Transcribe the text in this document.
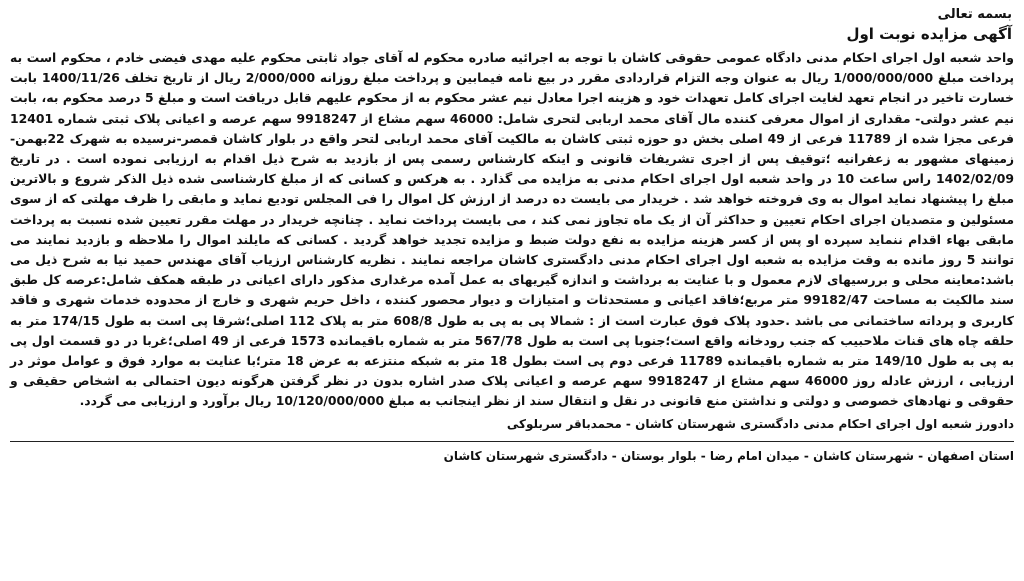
بسمه تعالی
آگهی مزایده نوبت اول
واحد شعبه اول اجرای احکام مدنی دادگاه عمومی حقوقی کاشان با توجه به اجرائیه صادره محکوم له آقای جواد ثابتی محکوم علیه مهدی فیضی خادم ، محکوم است به پرداخت مبلغ 1/000/000/000 ریال به عنوان وجه التزام قراردادی مقرر در بیع نامه فیمابین و پرداخت مبلغ روزانه 2/000/000 ریال از تاریخ تخلف 1400/11/26 بابت خسارت تاخیر در انجام تعهد لغایت اجرای کامل تعهدات خود و هزینه اجرا معادل نیم عشر محکوم به از محکوم علیهم قابل دریافت است و مبلغ 5 درصد محکوم به، بابت نیم عشر دولتی- مقداری از اموال معرفی کننده مال آقای محمد اربابی لتحری شامل: 46000 سهم مشاع از 9918247 سهم عرصه و اعیانی پلاک ثبتی شماره 12401 فرعی مجزا شده از 11789 فرعی از 49 اصلی بخش دو حوزه ثبتی کاشان به مالکیت آقای محمد اربابی لتحر واقع در بلوار کاشان قمصر-نرسیده به شهرک 22بهمن- زمینهای مشهور به زعفرانیه ؛توقیف پس از اجری تشریفات قانونی و اینکه کارشناس رسمی پس از بازدید به شرح ذیل اقدام به ارزیابی نموده است . در تاریخ 1402/02/09 راس ساعت 10 در واحد شعبه اول اجرای احکام مدنی به مزایده می گذارد . به هرکس و کسانی که از مبلغ کارشناسی شده ذیل الذکر شروع و بالاترین مبلغ را پیشنهاد نماید اموال به وی فروخته خواهد شد . خریدار می بایست ده درصد از ارزش کل اموال را فی المجلس تودیع نماید و مابقی را ظرف مهلتی که از سوی مسئولین و متصدیان اجرای احکام تعیین و حداکثر آن از یک ماه تجاوز نمی کند ، می بایست پرداخت نماید . چنانچه خریدار در مهلت مقرر تعیین شده نسبت به پرداخت مابقی بهاء اقدام ننماید سپرده او پس از کسر هزینه مزایده به نفع دولت ضبط و مزایده تجدید خواهد گردید . کسانی که مایلند اموال را ملاحظه و بازدید نمایند می توانند 5 روز مانده به وقت مزایده به شعبه اول اجرای احکام مدنی دادگستری کاشان مراجعه نمایند . نظریه کارشناس ارزیاب آقای مهندس حمید نیا به شرح ذیل می باشد:معاینه محلی و بررسیهای لازم معمول و با عنایت به برداشت و اندازه گیریهای به عمل آمده مرغداری مذکور دارای اعیانی در طبقه همکف شامل:عرصه کل طبق سند مالکیت به مساحت 99182/47 متر مربع؛فاقد اعیانی و مستحدثات و امتیازات و دیوار محصور کننده ، داخل حریم شهری و خارج از محدوده خدمات شهری و فاقد کاربری و پرداته ساختمانی می باشد .حدود پلاک فوق عبارت است از : شمالا پی به پی به طول 608/8 متر به پلاک 112 اصلی؛شرقا پی است به طول 174/15 متر به حلقه چاه های قنات ملاحبیب که جنب رودخانه واقع است؛جنوبا پی است به طول 567/78 متر به شماره باقیمانده 1573 فرعی از 49 اصلی؛غربا در دو قسمت اول پی به پی به طول 149/10 متر به شماره باقیمانده 11789 فرعی دوم پی است بطول 18 متر به شبکه منتزعه به عرض 18 متر؛با عنایت به موارد فوق و عوامل موثر در ارزیابی ، ارزش عادله روز 46000 سهم مشاع از 9918247 سهم عرصه و اعیانی پلاک صدر اشاره بدون در نظر گرفتن هرگونه دیون احتمالی به اشخاص حقیقی و حقوقی و نهادهای خصوصی و دولتی و نداشتن منع قانونی در نقل و انتقال سند از نظر اینجانب به مبلغ 10/120/000/000 ریال برآورد و ارزیابی می گردد.
دادورز شعبه اول اجرای احکام مدنی دادگستری شهرستان کاشان - محمدباقر سربلوکی
استان اصفهان - شهرستان کاشان - میدان امام رضا - بلوار بوستان - دادگستری شهرستان کاشان
